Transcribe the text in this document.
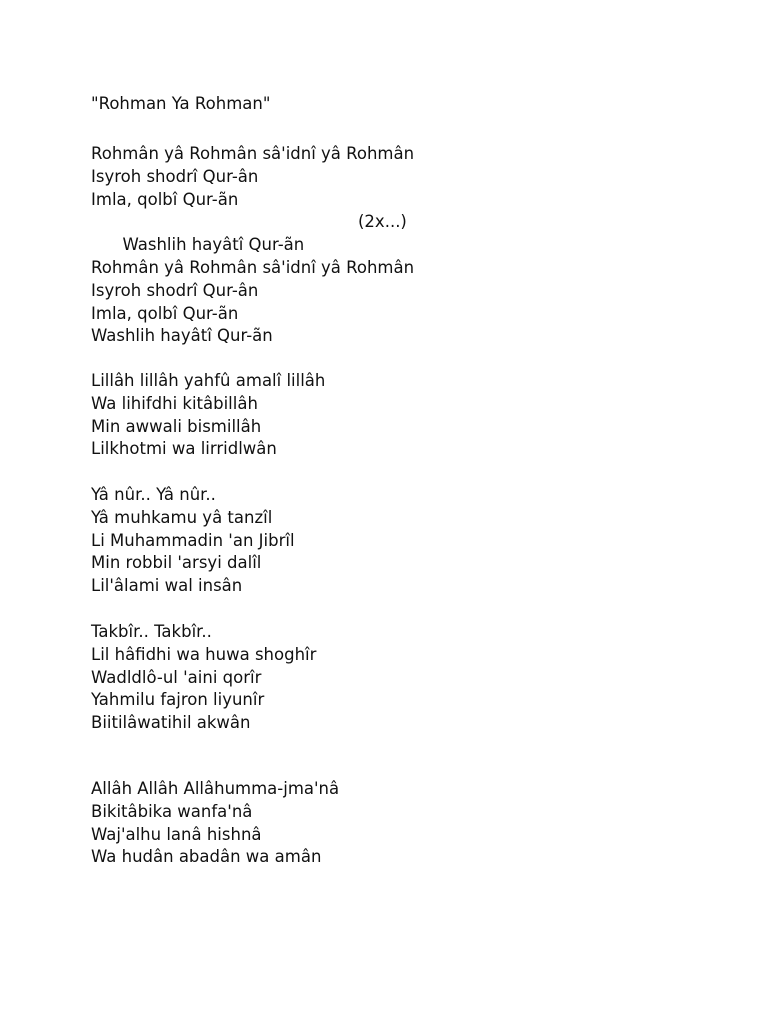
"Rohman Ya Rohman"
Rohmân yâ Rohmân sâ'idnî yâ Rohmân
Isyroh shodrî Qur-ân
Imla, qolbî Qur-ãn

Washlih hayâtî Qur-ãn

(2x...)

Rohmân yâ Rohmân sâ'idnî yâ Rohmân
Isyroh shodrî Qur-ân
Imla, qolbî Qur-ãn
Washlih hayâtî Qur-ãn
Lillâh lillâh yahfû amalî lillâh
Wa lihifdhi kitâbillâh
Min awwali bismillâh
Lilkhotmi wa lirridlwân
Yâ nûr.. Yâ nûr..
Yâ muhkamu yâ tanzîl
Li Muhammadin 'an Jibrîl
Min robbil 'arsyi dalîl
Lil'âlami wal insân
Takbîr.. Takbîr..
Lil hâfidhi wa huwa shoghîr
Wadldlô-ul 'aini qorîr
Yahmilu fajron liyunîr
Biitilâwatihil akwân
Allâh Allâh Allâhumma-jma'nâ
Bikitâbika wanfa'nâ
Waj'alhu lanâ hishnâ
Wa hudân abadân wa amân
